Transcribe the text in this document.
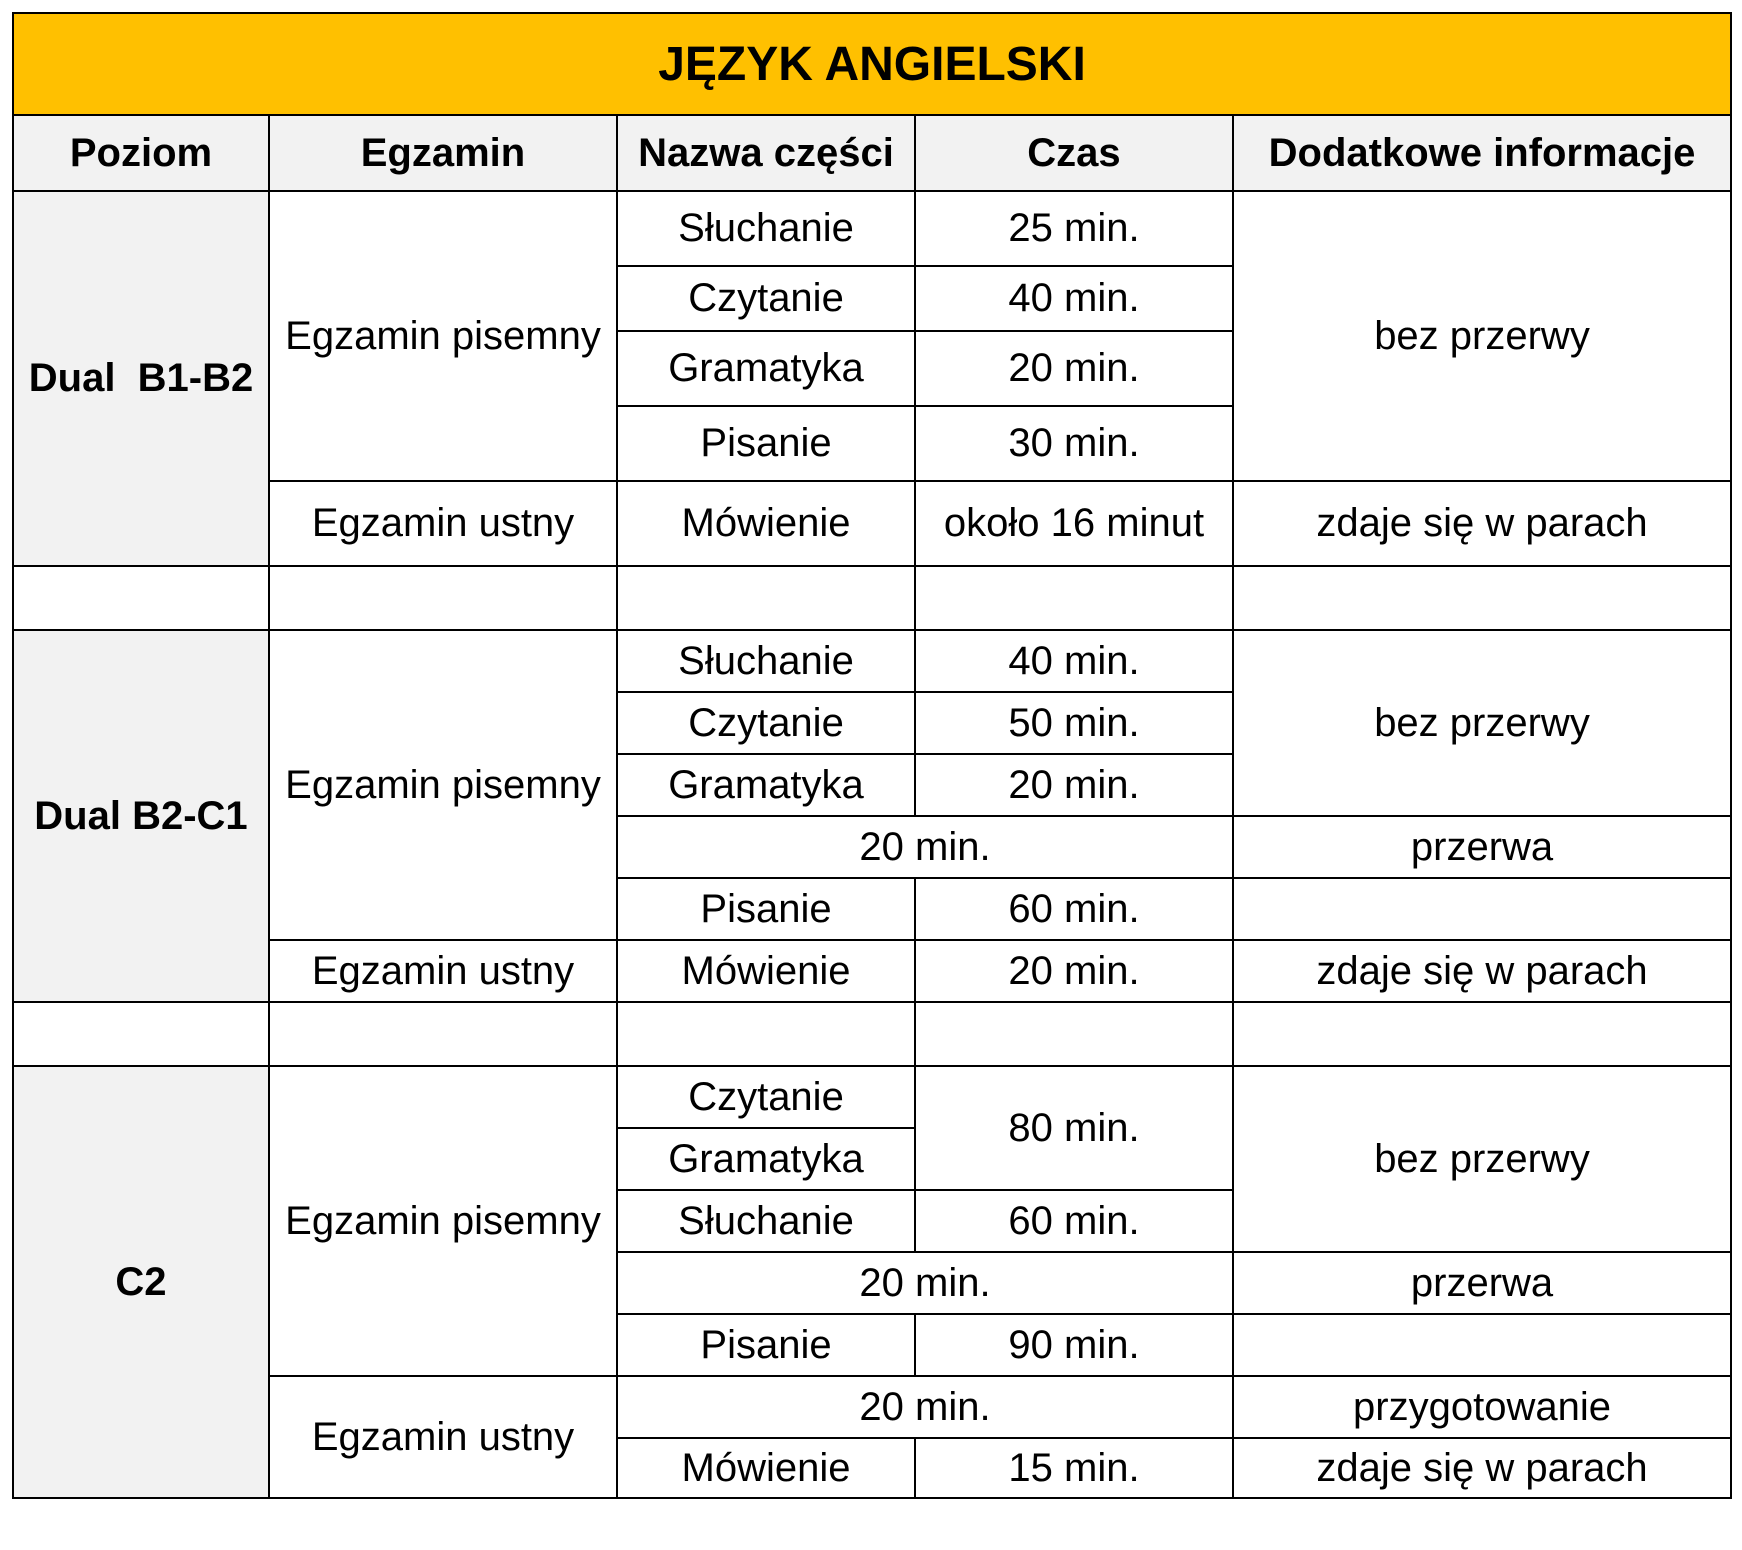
JĘZYK ANGIELSKI				
Poziom	Egzamin	Nazwa części	Czas	Dodatkowe informacje
Dual  B1-B2	Egzamin pisemny	Słuchanie	25 min.	bez przerwy
		Czytanie	40 min.	
		Gramatyka	20 min.	
		Pisanie	30 min.	
	Egzamin ustny	Mówienie	około 16 minut	zdaje się w parach

Dual B2-C1	Egzamin pisemny	Słuchanie	40 min.	bez przerwy
		Czytanie	50 min.	
		Gramatyka	20 min.	
		20 min.		przerwa
		Pisanie	60 min.	
	Egzamin ustny	Mówienie	20 min.	zdaje się w parach

C2	Egzamin pisemny	Czytanie	80 min.	bez przerwy
		Gramatyka		
		Słuchanie	60 min.	
		20 min.		przerwa
		Pisanie	90 min.	
	Egzamin ustny	20 min.		przygotowanie
		Mówienie	15 min.	zdaje się w parach
